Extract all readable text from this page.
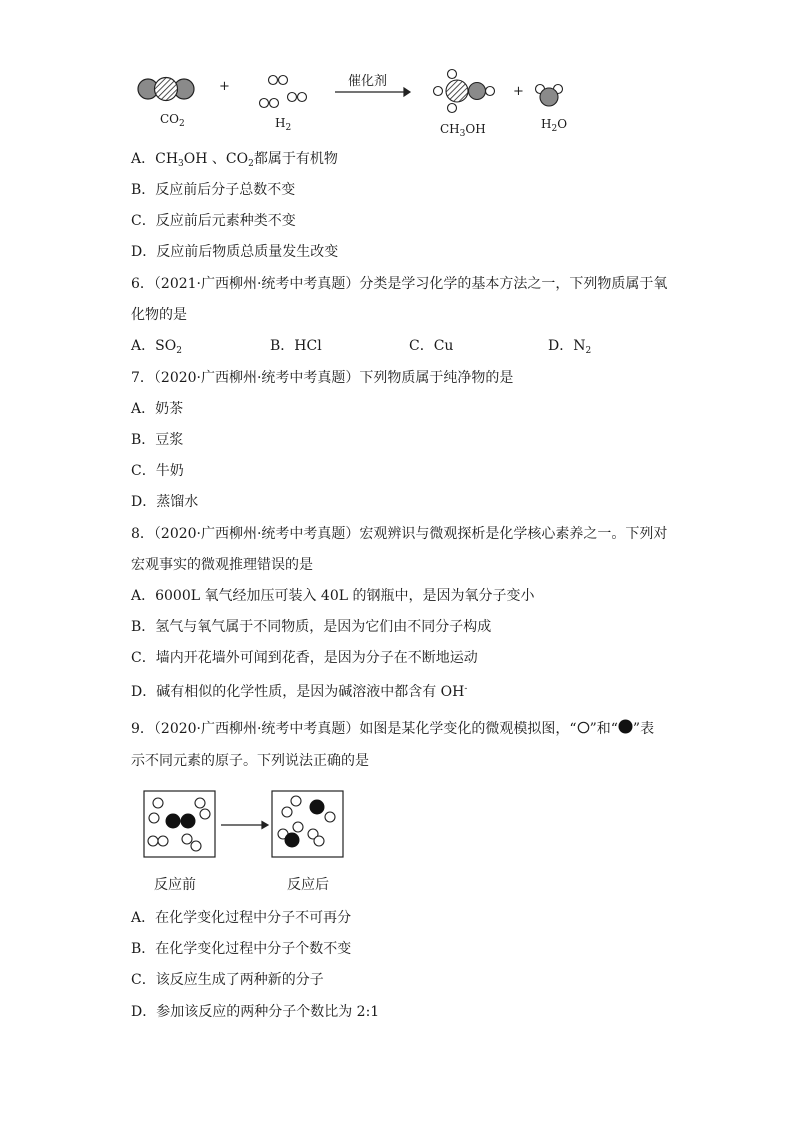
+	+
催化剂
$CO_2$	$H_2$	$CH_3OH$	$H_2O$
A．$CH_3OH$ 、$CO_2$都属于有机物
B．反应前后分子总数不变
C．反应前后元素种类不变
D．反应前后物质总质量发生改变
6．（2021·广西柳州·统考中考真题）分类是学习化学的基本方法之一，下列物质属于氧
化物的是
A．$SO_2$	B．HCl	C．Cu	D．$N_2$
7．（2020·广西柳州·统考中考真题）下列物质属于纯净物的是
A．奶茶
B．豆浆
C．牛奶
D．蒸馏水
8．（2020·广西柳州·统考中考真题）宏观辨识与微观探析是化学核心素养之一。下列对
宏观事实的微观推理错误的是
A．6000L 氧气经加压可装入 40L 的钢瓶中，是因为氧分子变小
B．氢气与氧气属于不同物质，是因为它们由不同分子构成
C．墙内开花墙外可闻到花香，是因为分子在不断地运动
D．碱有相似的化学性质，是因为碱溶液中都含有 OH-
9．（2020·广西柳州·统考中考真题）如图是某化学变化的微观模拟图，“ ”和“ ”表
示不同元素的原子。下列说法正确的是
反应前	反应后
A．在化学变化过程中分子不可再分
B．在化学变化过程中分子个数不变
C．该反应生成了两种新的分子
D．参加该反应的两种分子个数比为 2:1
